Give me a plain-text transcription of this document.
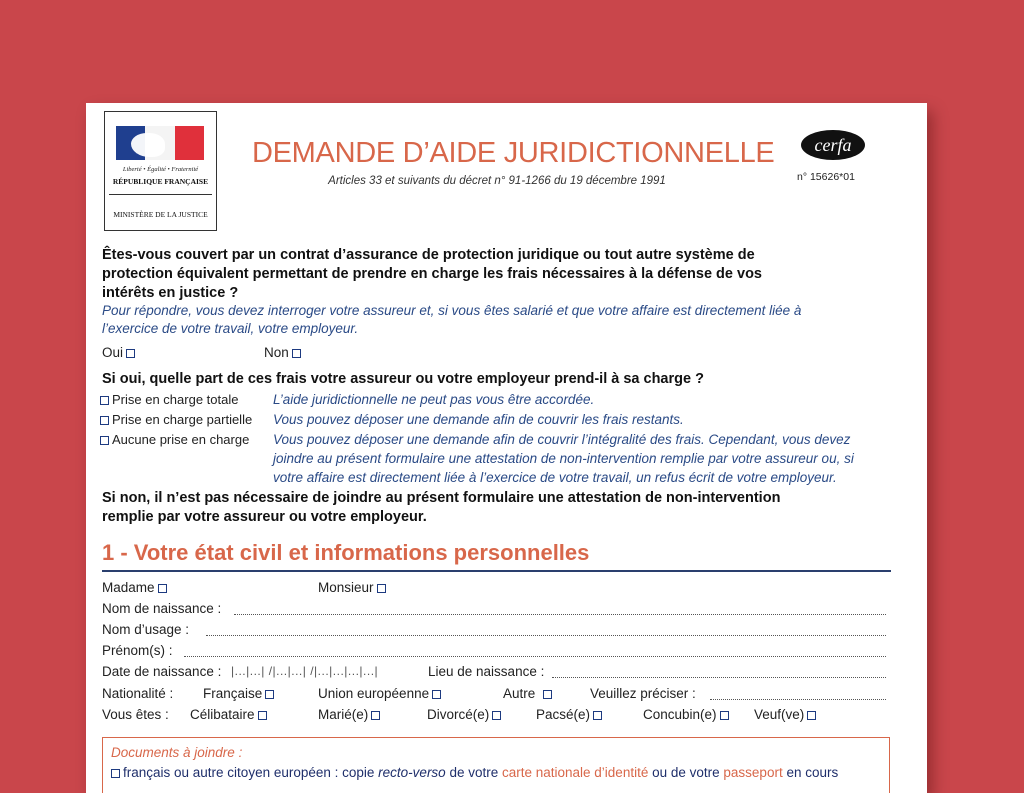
Liberté • Égalité • Fraternité
RÉPUBLIQUE FRANÇAISE
MINISTÈRE DE LA JUSTICE
DEMANDE D’AIDE JURIDICTIONNELLE
Articles 33 et suivants du décret n° 91-1266 du 19 décembre 1991
cerfa
n° 15626*01
Êtes-vous couvert par un contrat d’assurance de protection juridique ou tout autre système de
protection équivalent permettant de prendre en charge les frais nécessaires à la défense de vos
intérêts en justice ?
Pour répondre, vous devez interroger votre assureur et, si vous êtes salarié et que votre affaire est directement liée à
l’exercice de votre travail, votre employeur.
Oui	Non
Si oui, quelle part de ces frais votre assureur ou votre employeur prend-il à sa charge ?
Prise en charge totale	L’aide juridictionnelle ne peut pas vous être accordée.
Prise en charge partielle Vous pouvez déposer une demande afin de couvrir les frais restants.
Aucune prise en charge Vous pouvez déposer une demande afin de couvrir l’intégralité des frais. Cependant, vous devez
joindre au présent formulaire une attestation de non-intervention remplie par votre assureur ou, si
votre affaire est directement liée à l’exercice de votre travail, un refus écrit de votre employeur.
Si non, il n’est pas nécessaire de joindre au présent formulaire une attestation de non-intervention
remplie par votre assureur ou votre employeur.
1 - Votre état civil et informations personnelles
Madame	Monsieur
Nom de naissance :
Nom d’usage :
Prénom(s) :
Date de naissance : |...|...| /|...|...| /|...|...|...|...|	Lieu de naissance :
Nationalité : Française	Union européenne	Autre	Veuillez préciser :
Vous êtes : Célibataire	Marié(e)	Divorcé(e)	Pacsé(e)	Concubin(e)	Veuf(ve)
Documents à joindre :
français ou autre citoyen européen : copie recto-verso de votre carte nationale d’identité ou de votre passeport en cours
